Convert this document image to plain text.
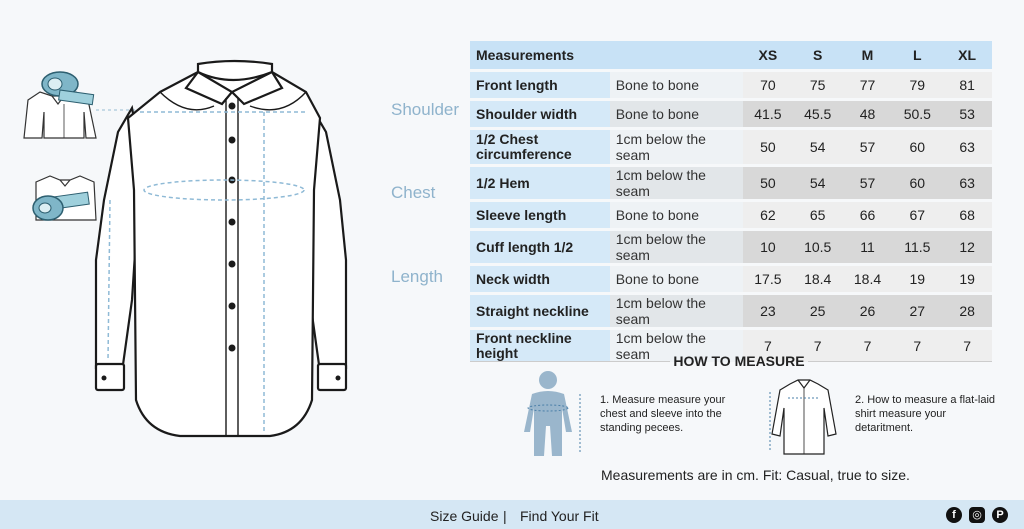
Shoulder
Chest
Length
Measurements		XS	S	M	L	XL
Front length	Bone to bone	70	75	77	79	81
Shoulder width	Bone to bone	41.5	45.5	48	50.5	53
1/2 Chest circumference	1cm below the seam	50	54	57	60	63
1/2 Hem	1cm below the seam	50	54	57	60	63
Sleeve length	Bone to bone	62	65	66	67	68
Cuff length 1/2	1cm below the seam	10	10.5	11	11.5	12
Neck width	Bone to bone	17.5	18.4	18.4	19	19
Straight neckline	1cm below the seam	23	25	26	27	28
Front neckline height	1cm below the seam	7	7	7	7	7
HOW TO MEASURE
1. Measure measure your chest and sleeve into the standing pecees.
2. How to measure a flat-laid shirt measure your detaritment.
Measurements are in cm. Fit: Casual, true to size.
Size Guide | Find Your Fit	f	◎	P
